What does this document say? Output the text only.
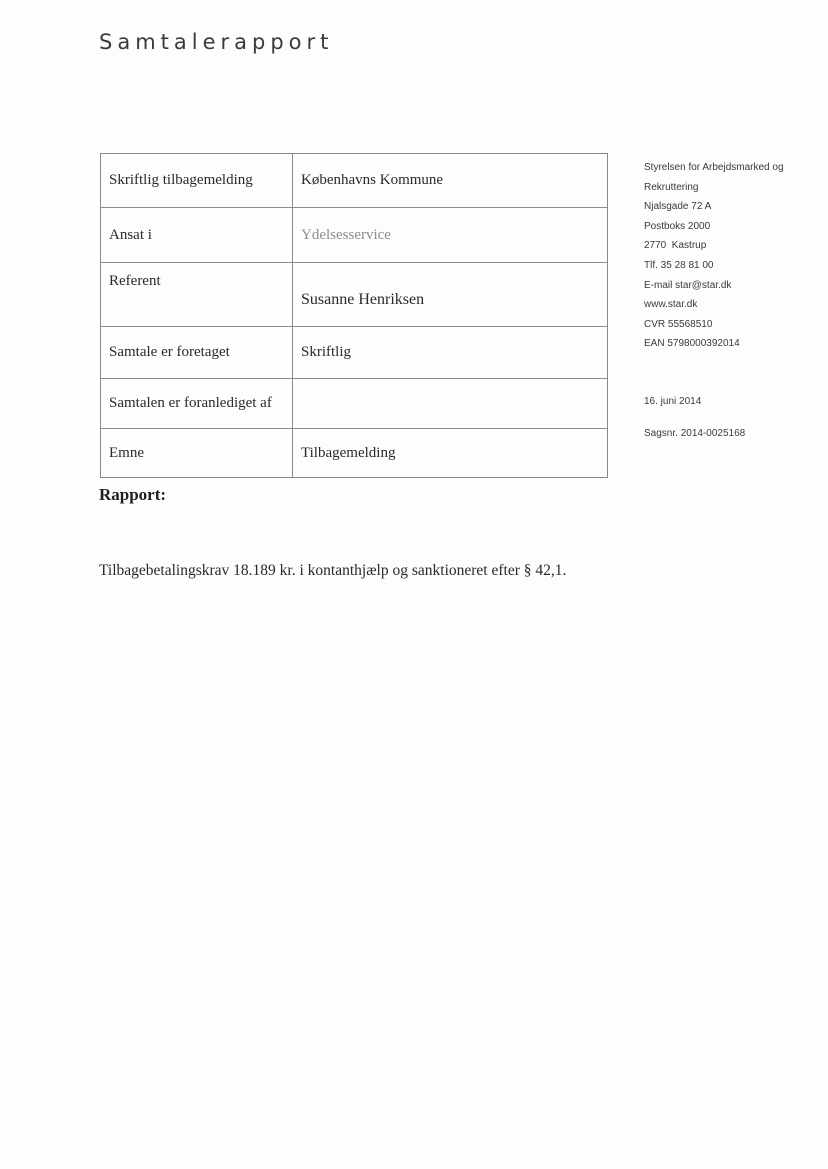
Samtalerapport
Skriftlig tilbagemelding	Københavns Kommune
Ansat i	Ydelsesservice
Referent	Susanne Henriksen
Samtale er foretaget	Skriftlig
Samtalen er foranlediget af	
Emne	Tilbagemelding
Styrelsen for Arbejdsmarked og
Rekruttering
Njalsgade 72 A
Postboks 2000
2770  Kastrup
Tlf. 35 28 81 00
E-mail star@star.dk
www.star.dk
CVR 55568510
EAN 5798000392014
16. juni 2014
Sagsnr. 2014-0025168
Rapport:
Tilbagebetalingskrav 18.189 kr. i kontanthjælp og sanktioneret efter § 42,1.
